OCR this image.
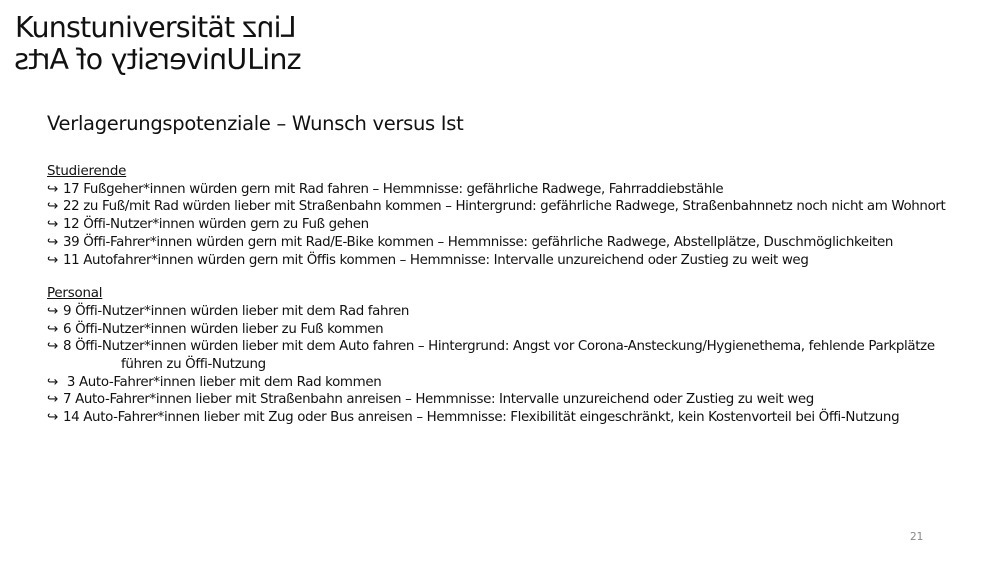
Kunstuniversität Linz
University of ArtsLinz
Verlagerungspotenziale – Wunsch versus Ist
Studierende
↪ 17 Fußgeher*innen würden gern mit Rad fahren – Hemmnisse: gefährliche Radwege, Fahrraddiebstähle
↪ 22 zu Fuß/mit Rad würden lieber mit Straßenbahn kommen – Hintergrund: gefährliche Radwege, Straßenbahnnetz noch nicht am Wohnort
↪ 12 Öffi-Nutzer*innen würden gern zu Fuß gehen
↪ 39 Öffi-Fahrer*innen würden gern mit Rad/E-Bike kommen – Hemmnisse: gefährliche Radwege, Abstellplätze, Duschmöglichkeiten
↪ 11 Autofahrer*innen würden gern mit Öffis kommen – Hemmnisse: Intervalle unzureichend oder Zustieg zu weit weg
Personal
↪ 9 Öffi-Nutzer*innen würden lieber mit dem Rad fahren
↪ 6 Öffi-Nutzer*innen würden lieber zu Fuß kommen
↪ 8 Öffi-Nutzer*innen würden lieber mit dem Auto fahren – Hintergrund: Angst vor Corona-Ansteckung/Hygienethema, fehlende Parkplätze
führen zu Öffi-Nutzung
↪ 3 Auto-Fahrer*innen lieber mit dem Rad kommen
↪ 7 Auto-Fahrer*innen lieber mit Straßenbahn anreisen – Hemmnisse: Intervalle unzureichend oder Zustieg zu weit weg
↪ 14 Auto-Fahrer*innen lieber mit Zug oder Bus anreisen – Hemmnisse: Flexibilität eingeschränkt, kein Kostenvorteil bei Öffi-Nutzung
21
